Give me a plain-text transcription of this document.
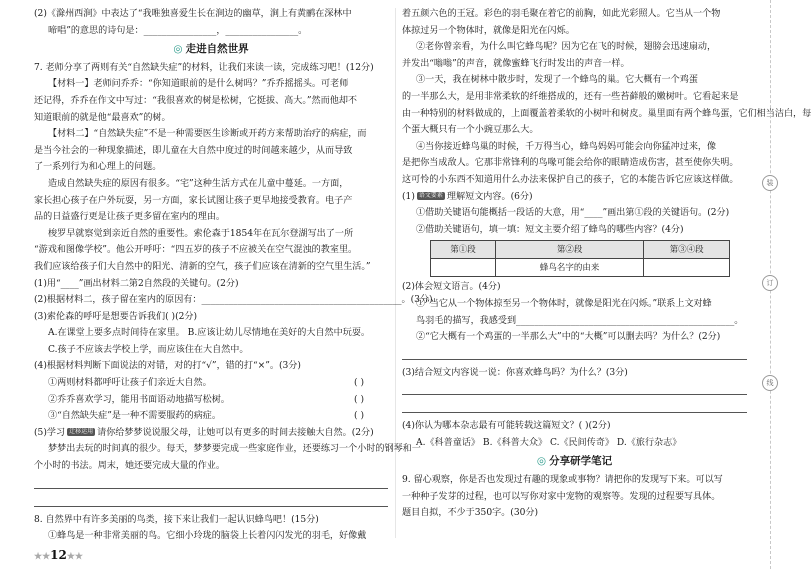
(2)《滁州西涧》中表达了“我唯独喜爱生长在涧边的幽草，涧上有黄鹂在深林中
啼唱”的意思的诗句是：________________，________________。
◎ 走进自然世界
7. 老师分享了两则有关“自然缺失症”的材料，让我们来读一读，完成练习吧！(12分)
【材料一】老师问乔乔：“你知道眼前的是什么树吗？”乔乔摇摇头。可老师
还记得，乔乔在作文中写过：“我很喜欢的树是松树，它挺拔、高大。”然而他却不
知道眼前的就是他“最喜欢”的树。
【材料二】“自然缺失症”不是一种需要医生诊断或开药方来帮助治疗的病症，而
是当今社会的一种现象描述，即儿童在大自然中度过的时间越来越少，从而导致
了一系列行为和心理上的问题。
造成自然缺失症的原因有很多。“宅”这种生活方式在儿童中蔓延。一方面，
家长担心孩子在户外玩耍，另一方面，家长试图让孩子更早地接受教育。电子产
品的日益盛行更是让孩子更多留在室内的理由。
梭罗早就察觉到亲近自然的重要性。索伦森于1854年在瓦尔登湖写出了一所
“游戏和图像学校”。他公开呼吁：“四五岁的孩子不应被关在空气混浊的教室里。
我们应该给孩子们大自然中的阳光、清新的空气，孩子们应该在清新的空气里生活。”
(1)用“____”画出材料二第2自然段的关键句。(2分)
(2)根据材料二，孩子留在室内的原因有：____________________________________________。(3分)
(3)索伦森的呼吁是想要告诉我们( )(2分)
A.在课堂上要多点时间待在家里。 B.应该让幼儿尽情地在美好的大自然中玩耍。
C.孩子不应该去学校上学，而应该住在大自然中。
(4)根据材料判断下面说法的对错，对的打“√”，错的打“×”。(3分)
①两则材料都呼吁让孩子们亲近大自然。	( )
②乔乔喜欢学习，能用书面语动地描写松树。	( )
③“自然缺失症”是一种不需要服药的病症。	( )
(5)学习 迁移运用 请你给梦梦说说服父母，让她可以有更多的时间去接触大自然。(2分)
梦梦出去玩的时间真的很少。每天，梦梦要完成一些家庭作业，还要练习一个小时的钢琴和一
个小时的书法。周末，她还要完成大量的作业。
8. 自然界中有许多美丽的鸟类，接下来让我们一起认识蜂鸟吧！(15分)
①蜂鸟是一种非常美丽的鸟。它细小玲珑的脑袋上长着闪闪发光的羽毛，好像戴
★★12★★
着五颜六色的王冠。彩色的羽毛聚在着它的前胸，如此光彩照人。它当从一个物
体掠过另一个物体时，就像是阳光在闪烁。
②老你曾亲看，为什么叫它蜂鸟呢？因为它在飞的时候，翅膀会迅速扇动，
并发出“嗡嗡”的声音，就像蜜蜂飞行时发出的声音一样。
③一天，我在树林中散步时，发现了一个蜂鸟的巢。它大概有一个鸡蛋
的一半那么大，是用非常柔软的纤维搭成的，还有一些苔藓般的嫩树叶。它看起来是
由一种特别的材料做成的，上面覆盖着柔软的小树叶和树皮。巢里面有两个蜂鸟蛋，它们相当洁白，每
个蛋大概只有一个小豌豆那么大。
④当你接近蜂鸟巢的时候，千万得当心，蜂鸟妈妈可能会向你猛冲过来，像
是把你当成敌人。它那非常锋利的鸟喙可能会给你的眼睛造成伤害，甚至使你失明。
这可怜的小东西不知道用什么办法来保护自己的孩子，它的本能告诉它应该这样做。
(1) 语文要素 理解短文内容。(6分)
①借助关键语句能概括一段话的大意，用“____”画出第①段的关键语句。(2分)
②借助关键语句，填一填：短文主要介绍了蜂鸟的哪些内容？(4分)
第①段	第②段	第③④段
	蜂鸟名字的由来	
(2)体会短文语言。(4分)
①“当它从一个物体掠至另一个物体时，就像是阳光在闪烁。”联系上文对蜂
鸟羽毛的描写，我感受到________________________________________________。
②“它大概有一个鸡蛋的一半那么大”中的“大概”可以删去吗？为什么？(2分)
(3)结合短文内容说一说：你喜欢蜂鸟吗？为什么？(3分)
(4)你认为哪本杂志最有可能转载这篇短文？( )(2分)
A.《科普童话》 B.《科普大众》 C.《民间传奇》 D.《旅行杂志》
◎ 分享研学笔记
9. 留心观察，你是否也发现过有趣的现象或事物？请把你的发现写下来。可以写
一种种子发芽的过程，也可以写你对家中宠物的观察等。发现的过程要写具体。
题目自拟，不少于350字。(30分)
装
订
线
